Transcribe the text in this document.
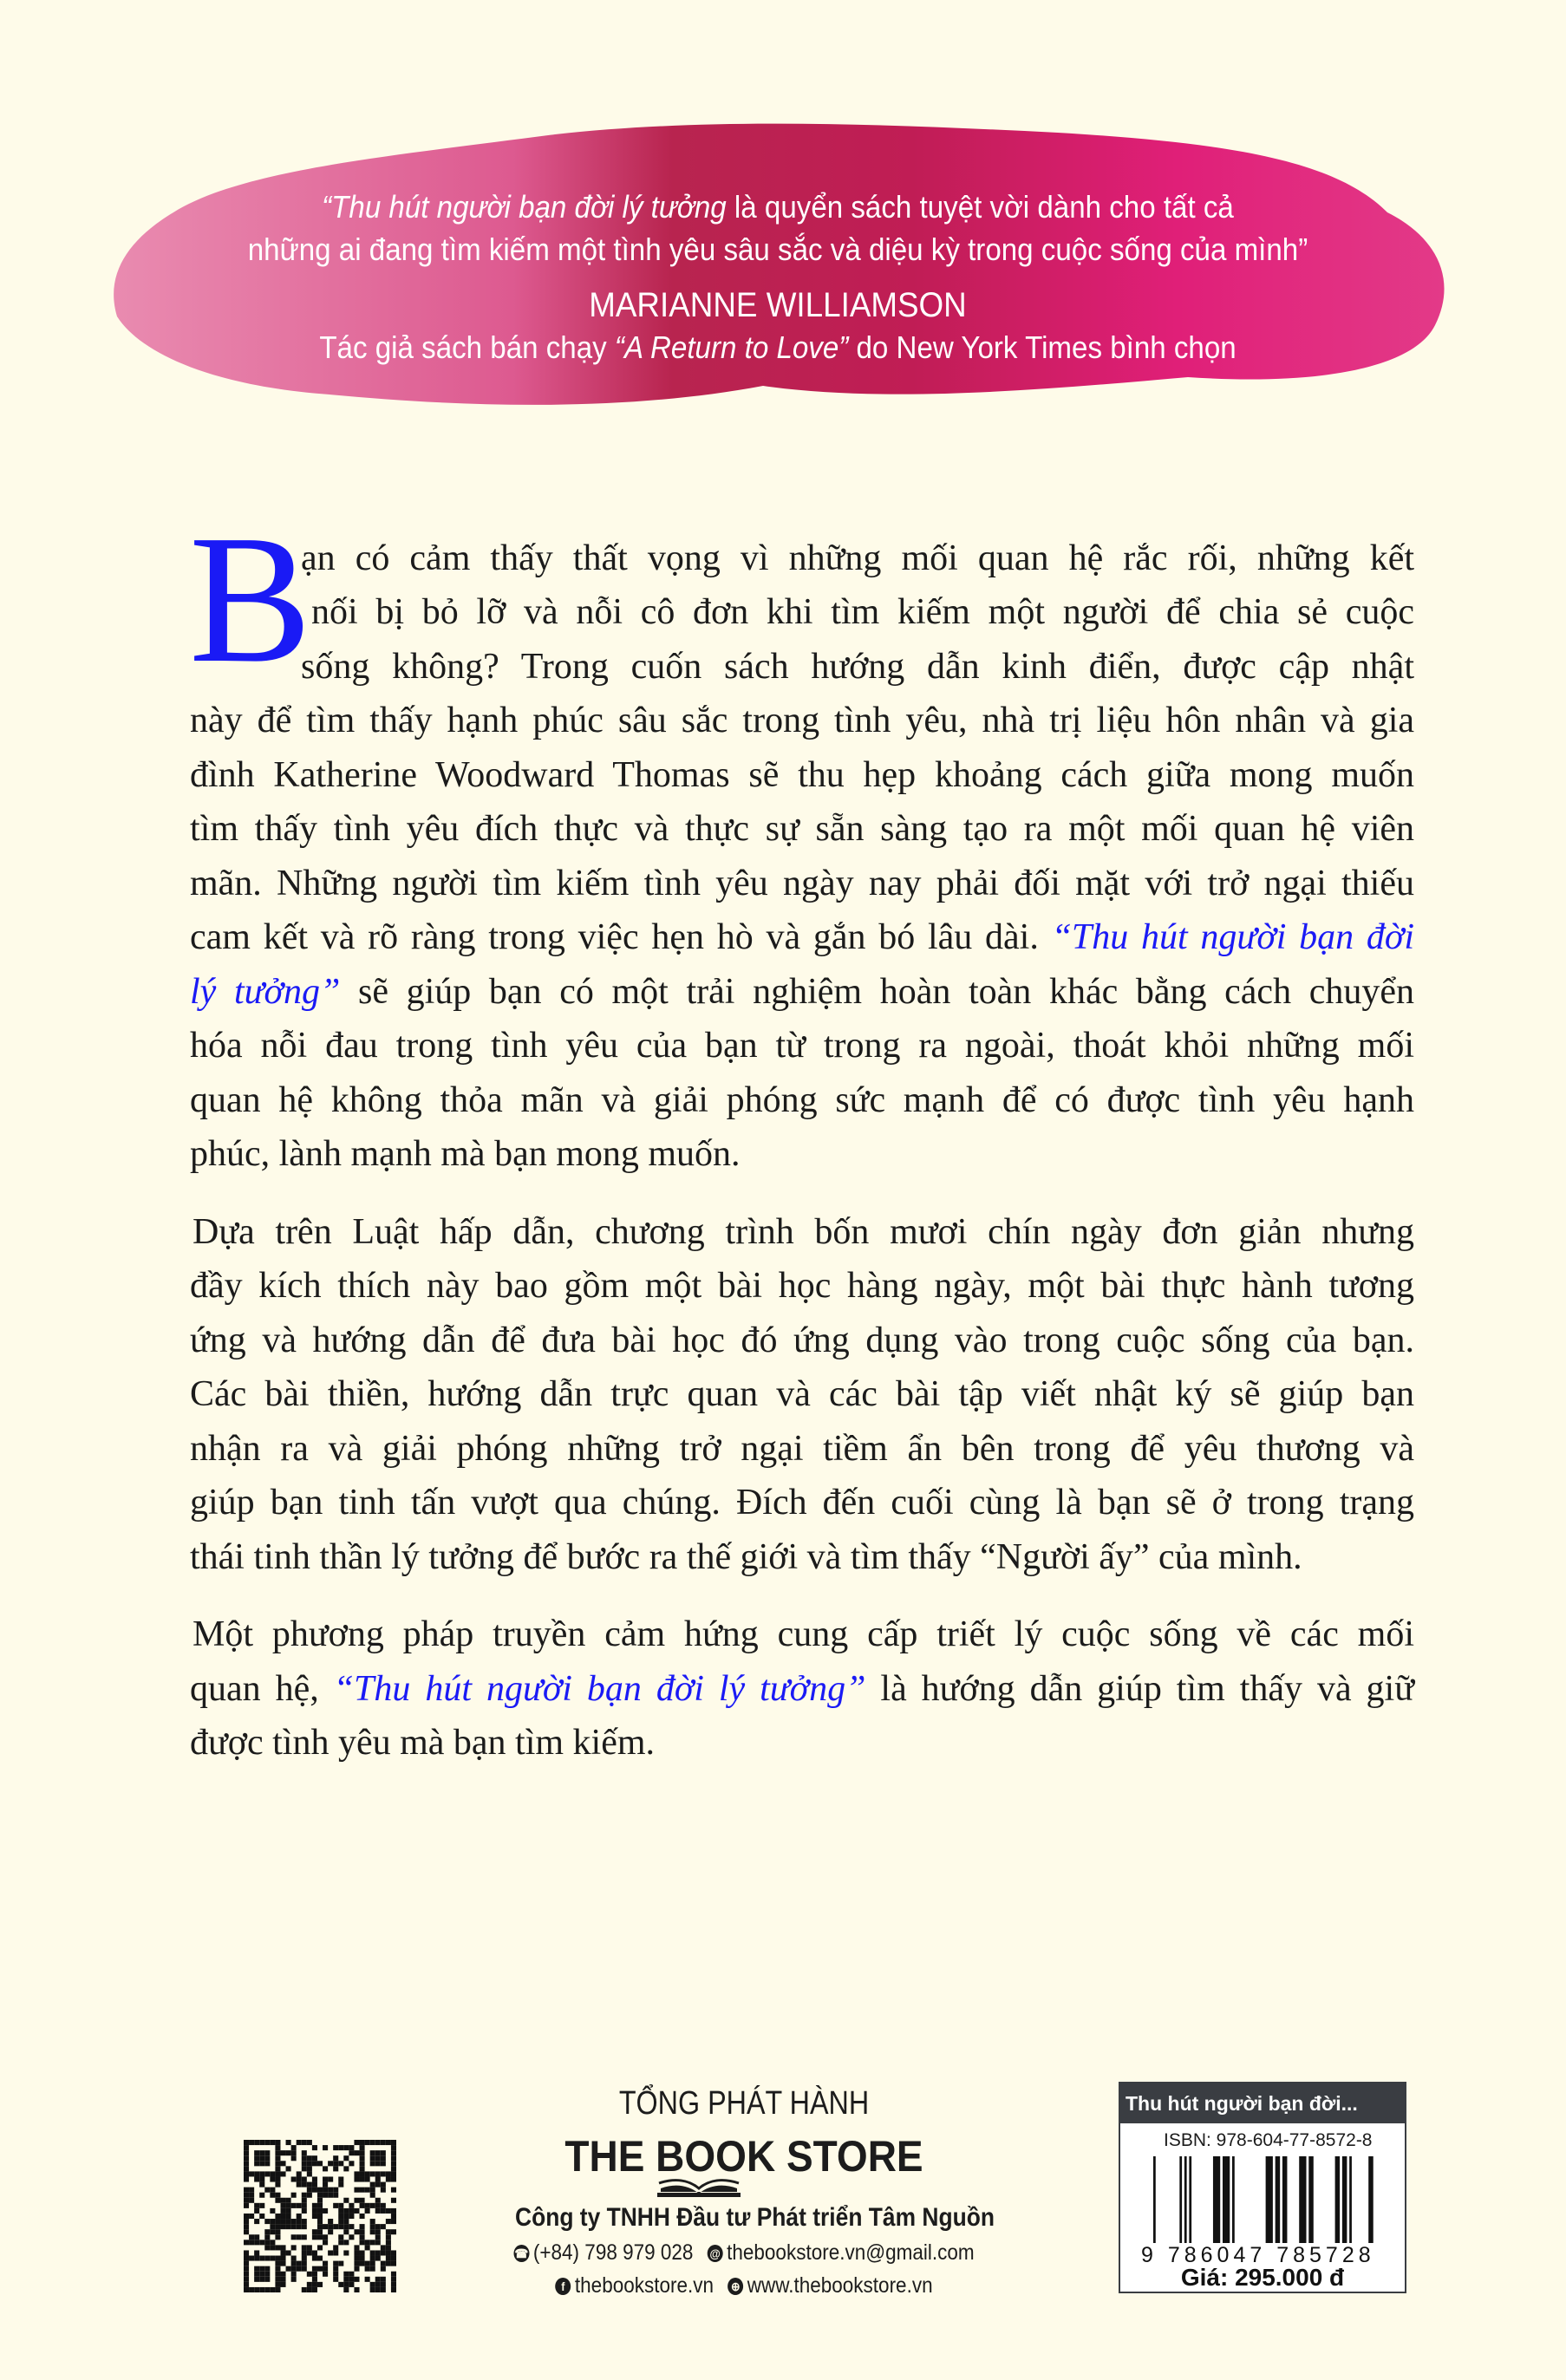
“Thu hút người bạn đời lý tưởng là quyển sách tuyệt vời dành cho tất cả
những ai đang tìm kiếm một tình yêu sâu sắc và diệu kỳ trong cuộc sống của mình”
MARIANNE WILLIAMSON
Tác giả sách bán chạy “A Return to Love” do New York Times bình chọn
B
ạn có cảm thấy thất vọng vì những mối quan hệ rắc rối, những kết
nối bị bỏ lỡ và nỗi cô đơn khi tìm kiếm một người để chia sẻ cuộc
sống không? Trong cuốn sách hướng dẫn kinh điển, được cập nhật
này để tìm thấy hạnh phúc sâu sắc trong tình yêu, nhà trị liệu hôn nhân và gia
đình Katherine Woodward Thomas sẽ thu hẹp khoảng cách giữa mong muốn
tìm thấy tình yêu đích thực và thực sự sẵn sàng tạo ra một mối quan hệ viên
mãn. Những người tìm kiếm tình yêu ngày nay phải đối mặt với trở ngại thiếu
cam kết và rõ ràng trong việc hẹn hò và gắn bó lâu dài. “Thu hút người bạn đời
lý tưởng” sẽ giúp bạn có một trải nghiệm hoàn toàn khác bằng cách chuyển
hóa nỗi đau trong tình yêu của bạn từ trong ra ngoài, thoát khỏi những mối
quan hệ không thỏa mãn và giải phóng sức mạnh để có được tình yêu hạnh
phúc, lành mạnh mà bạn mong muốn.
Dựa trên Luật hấp dẫn, chương trình bốn mươi chín ngày đơn giản nhưng
đầy kích thích này bao gồm một bài học hàng ngày, một bài thực hành tương
ứng và hướng dẫn để đưa bài học đó ứng dụng vào trong cuộc sống của bạn.
Các bài thiền, hướng dẫn trực quan và các bài tập viết nhật ký sẽ giúp bạn
nhận ra và giải phóng những trở ngại tiềm ẩn bên trong để yêu thương và
giúp bạn tinh tấn vượt qua chúng. Đích đến cuối cùng là bạn sẽ ở trong trạng
thái tinh thần lý tưởng để bước ra thế giới và tìm thấy “Người ấy” của mình.
Một phương pháp truyền cảm hứng cung cấp triết lý cuộc sống về các mối
quan hệ, “Thu hút người bạn đời lý tưởng” là hướng dẫn giúp tìm thấy và giữ
được tình yêu mà bạn tìm kiếm.
TỔNG PHÁT HÀNH
THE BOOK STORE
Công ty TNHH Đầu tư Phát triển Tâm Nguồn
☎ (+84) 798 979 028 @ thebookstore.vn@gmail.com
f thebookstore.vn ⊕ www.thebookstore.vn
Thu hút người bạn đời...
ISBN: 978-604-77-8572-8
9 786047 785728
Giá: 295.000 đ
